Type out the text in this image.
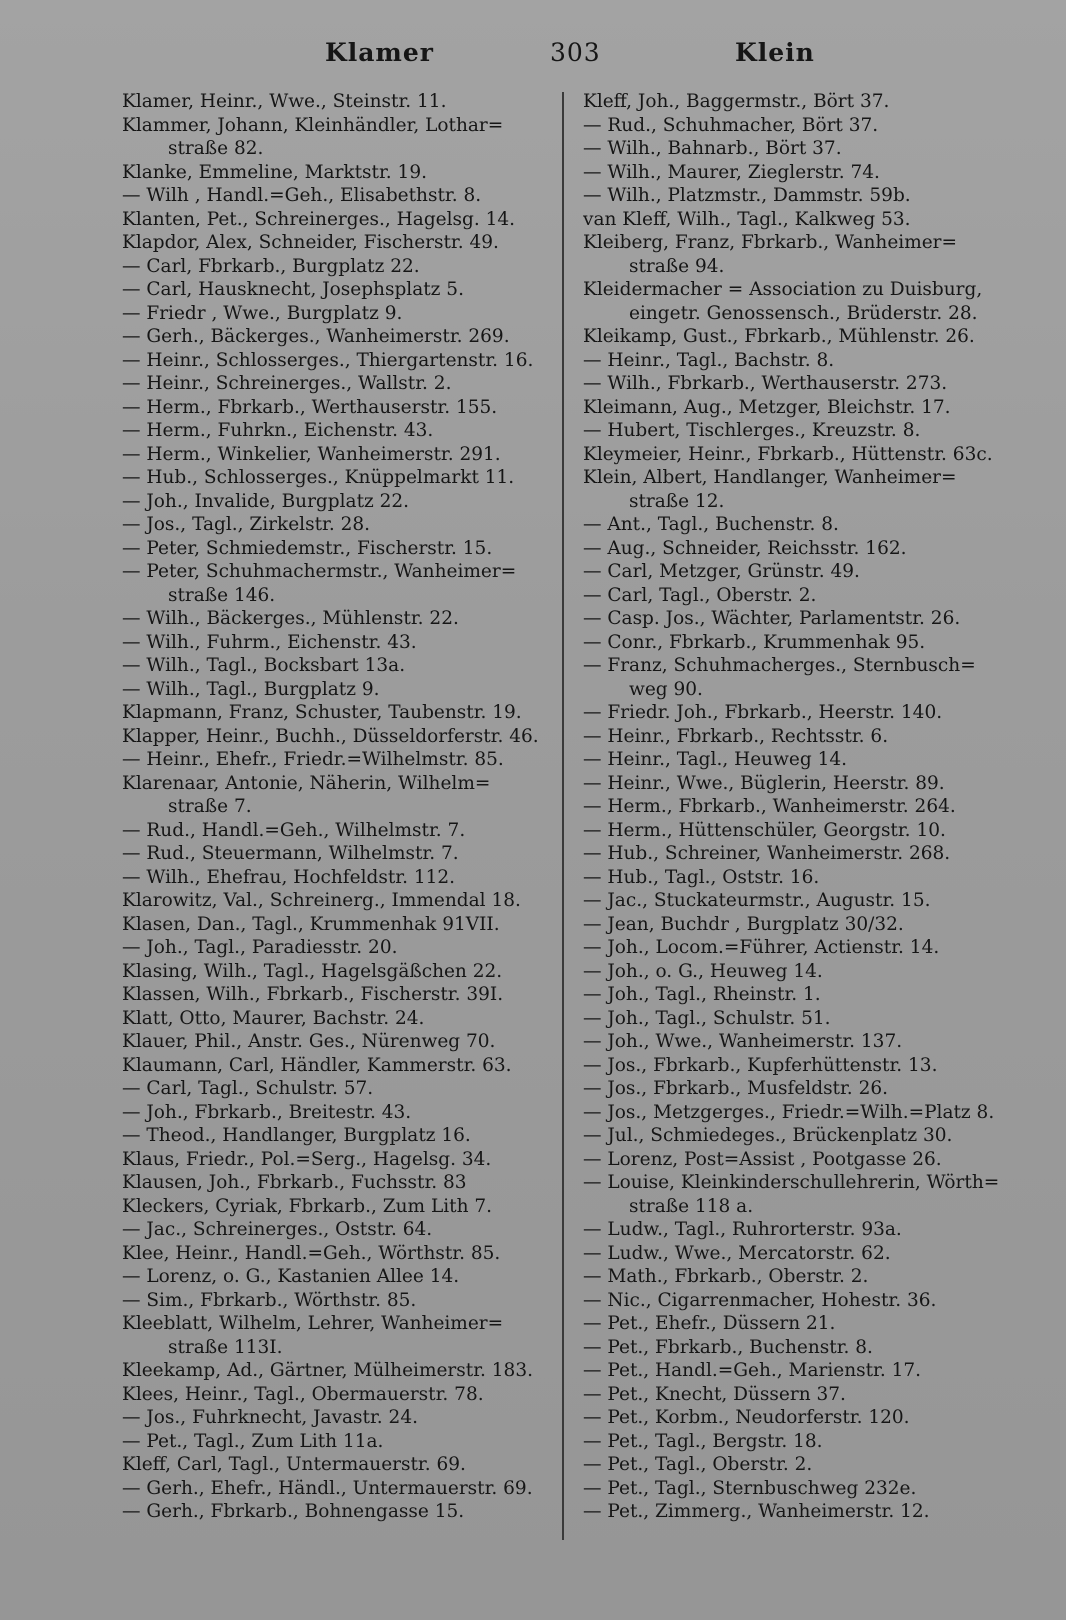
Klamer	303	Klein
Klamer, Heinr., Wwe., Steinstr. 11.
Klammer, Johann, Kleinhändler, Lothar=
straße 82.
Klanke, Emmeline, Marktstr. 19.
— Wilh , Handl.=Geh., Elisabethstr. 8.
Klanten, Pet., Schreinerges., Hagelsg. 14.
Klapdor, Alex, Schneider, Fischerstr. 49.
— Carl, Fbrkarb., Burgplatz 22.
— Carl, Hausknecht, Josephsplatz 5.
— Friedr , Wwe., Burgplatz 9.
— Gerh., Bäckerges., Wanheimerstr. 269.
— Heinr., Schlosserges., Thiergartenstr. 16.
— Heinr., Schreinerges., Wallstr. 2.
— Herm., Fbrkarb., Werthauserstr. 155.
— Herm., Fuhrkn., Eichenstr. 43.
— Herm., Winkelier, Wanheimerstr. 291.
— Hub., Schlosserges., Knüppelmarkt 11.
— Joh., Invalide, Burgplatz 22.
— Jos., Tagl., Zirkelstr. 28.
— Peter, Schmiedemstr., Fischerstr. 15.
— Peter, Schuhmachermstr., Wanheimer=
straße 146.
— Wilh., Bäckerges., Mühlenstr. 22.
— Wilh., Fuhrm., Eichenstr. 43.
— Wilh., Tagl., Bocksbart 13a.
— Wilh., Tagl., Burgplatz 9.
Klapmann, Franz, Schuster, Taubenstr. 19.
Klapper, Heinr., Buchh., Düsseldorferstr. 46.
— Heinr., Ehefr., Friedr.=Wilhelmstr. 85.
Klarenaar, Antonie, Näherin, Wilhelm=
straße 7.
— Rud., Handl.=Geh., Wilhelmstr. 7.
— Rud., Steuermann, Wilhelmstr. 7.
— Wilh., Ehefrau, Hochfeldstr. 112.
Klarowitz, Val., Schreinerg., Immendal 18.
Klasen, Dan., Tagl., Krummenhak 91VII.
— Joh., Tagl., Paradiesstr. 20.
Klasing, Wilh., Tagl., Hagelsgäßchen 22.
Klassen, Wilh., Fbrkarb., Fischerstr. 39I.
Klatt, Otto, Maurer, Bachstr. 24.
Klauer, Phil., Anstr. Ges., Nürenweg 70.
Klaumann, Carl, Händler, Kammerstr. 63.
— Carl, Tagl., Schulstr. 57.
— Joh., Fbrkarb., Breitestr. 43.
— Theod., Handlanger, Burgplatz 16.
Klaus, Friedr., Pol.=Serg., Hagelsg. 34.
Klausen, Joh., Fbrkarb., Fuchsstr. 83
Kleckers, Cyriak, Fbrkarb., Zum Lith 7.
— Jac., Schreinerges., Oststr. 64.
Klee, Heinr., Handl.=Geh., Wörthstr. 85.
— Lorenz, o. G., Kastanien Allee 14.
— Sim., Fbrkarb., Wörthstr. 85.
Kleeblatt, Wilhelm, Lehrer, Wanheimer=
straße 113I.
Kleekamp, Ad., Gärtner, Mülheimerstr. 183.
Klees, Heinr., Tagl., Obermauerstr. 78.
— Jos., Fuhrknecht, Javastr. 24.
— Pet., Tagl., Zum Lith 11a.
Kleff, Carl, Tagl., Untermauerstr. 69.
— Gerh., Ehefr., Händl., Untermauerstr. 69.
— Gerh., Fbrkarb., Bohnengasse 15.
Kleff, Joh., Baggermstr., Bört 37.
— Rud., Schuhmacher, Bört 37.
— Wilh., Bahnarb., Bört 37.
— Wilh., Maurer, Zieglerstr. 74.
— Wilh., Platzmstr., Dammstr. 59b.
van Kleff, Wilh., Tagl., Kalkweg 53.
Kleiberg, Franz, Fbrkarb., Wanheimer=
straße 94.
Kleidermacher = Association zu Duisburg,
eingetr. Genossensch., Brüderstr. 28.
Kleikamp, Gust., Fbrkarb., Mühlenstr. 26.
— Heinr., Tagl., Bachstr. 8.
— Wilh., Fbrkarb., Werthauserstr. 273.
Kleimann, Aug., Metzger, Bleichstr. 17.
— Hubert, Tischlerges., Kreuzstr. 8.
Kleymeier, Heinr., Fbrkarb., Hüttenstr. 63c.
Klein, Albert, Handlanger, Wanheimer=
straße 12.
— Ant., Tagl., Buchenstr. 8.
— Aug., Schneider, Reichsstr. 162.
— Carl, Metzger, Grünstr. 49.
— Carl, Tagl., Oberstr. 2.
— Casp. Jos., Wächter, Parlamentstr. 26.
— Conr., Fbrkarb., Krummenhak 95.
— Franz, Schuhmacherges., Sternbusch=
weg 90.
— Friedr. Joh., Fbrkarb., Heerstr. 140.
— Heinr., Fbrkarb., Rechtsstr. 6.
— Heinr., Tagl., Heuweg 14.
— Heinr., Wwe., Büglerin, Heerstr. 89.
— Herm., Fbrkarb., Wanheimerstr. 264.
— Herm., Hüttenschüler, Georgstr. 10.
— Hub., Schreiner, Wanheimerstr. 268.
— Hub., Tagl., Oststr. 16.
— Jac., Stuckateurmstr., Augustr. 15.
— Jean, Buchdr , Burgplatz 30/32.
— Joh., Locom.=Führer, Actienstr. 14.
— Joh., o. G., Heuweg 14.
— Joh., Tagl., Rheinstr. 1.
— Joh., Tagl., Schulstr. 51.
— Joh., Wwe., Wanheimerstr. 137.
— Jos., Fbrkarb., Kupferhüttenstr. 13.
— Jos., Fbrkarb., Musfeldstr. 26.
— Jos., Metzgerges., Friedr.=Wilh.=Platz 8.
— Jul., Schmiedeges., Brückenplatz 30.
— Lorenz, Post=Assist , Pootgasse 26.
— Louise, Kleinkinderschullehrerin, Wörth=
straße 118 a.
— Ludw., Tagl., Ruhrorterstr. 93a.
— Ludw., Wwe., Mercatorstr. 62.
— Math., Fbrkarb., Oberstr. 2.
— Nic., Cigarrenmacher, Hohestr. 36.
— Pet., Ehefr., Düssern 21.
— Pet., Fbrkarb., Buchenstr. 8.
— Pet., Handl.=Geh., Marienstr. 17.
— Pet., Knecht, Düssern 37.
— Pet., Korbm., Neudorferstr. 120.
— Pet., Tagl., Bergstr. 18.
— Pet., Tagl., Oberstr. 2.
— Pet., Tagl., Sternbuschweg 232e.
— Pet., Zimmerg., Wanheimerstr. 12.
